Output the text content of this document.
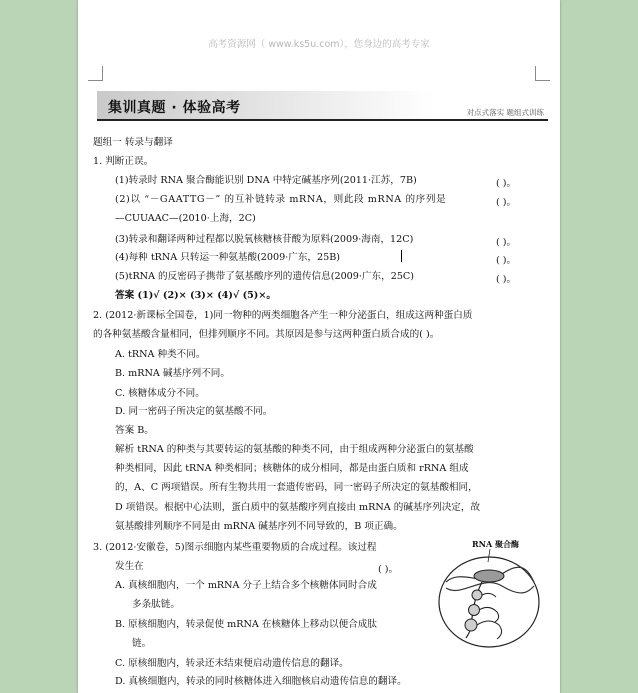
高考资源网（ www.ks5u.com），您身边的高考专家
集训真题 · 体验高考	对点式落实 题组式训练
题组一 转录与翻译
1. 判断正误。
(1)转录时 RNA 聚合酶能识别 DNA 中特定碱基序列(2011·江苏，7B)	( )。
(2)以 “－GAATTG－” 的互补链转录 mRNA，则此段 mRNA 的序列是	( )。
—CUUAAC—(2010·上海，2C)
(3)转录和翻译两种过程都以脱氧核糖核苷酸为原料(2009·海南，12C)	( )。
(4)每种 tRNA 只转运一种氨基酸(2009·广东，25B)	( )。
(5)tRNA 的反密码子携带了氨基酸序列的遗传信息(2009·广东，25C)	( )。
答案 (1)√ (2)× (3)× (4)√ (5)×。
2. (2012·新课标全国卷，1)同一物种的两类细胞各产生一种分泌蛋白，组成这两种蛋白质
的各种氨基酸含量相同，但排列顺序不同。其原因是参与这两种蛋白质合成的( )。
A. tRNA 种类不同。
B. mRNA 碱基序列不同。
C. 核糖体成分不同。
D. 同一密码子所决定的氨基酸不同。
答案 B。
解析 tRNA 的种类与其要转运的氨基酸的种类不同，由于组成两种分泌蛋白的氨基酸
种类相同，因此 tRNA 种类相同；核糖体的成分相同，都是由蛋白质和 rRNA 组成
的，A、C 两项错误。所有生物共用一套遗传密码，同一密码子所决定的氨基酸相同，
D 项错误。根据中心法则，蛋白质中的氨基酸序列直接由 mRNA 的碱基序列决定，故
氨基酸排列顺序不同是由 mRNA 碱基序列不同导致的，B 项正确。
3. (2012·安徽卷，5)图示细胞内某些重要物质的合成过程。该过程
发生在	( )。
A. 真核细胞内，一个 mRNA 分子上结合多个核糖体同时合成
多条肽链。
B. 原核细胞内，转录促使 mRNA 在核糖体上移动以便合成肽
链。
C. 原核细胞内，转录还未结束便启动遗传信息的翻译。
D. 真核细胞内，转录的同时核糖体进入细胞核启动遗传信息的翻译。
RNA 聚合酶
